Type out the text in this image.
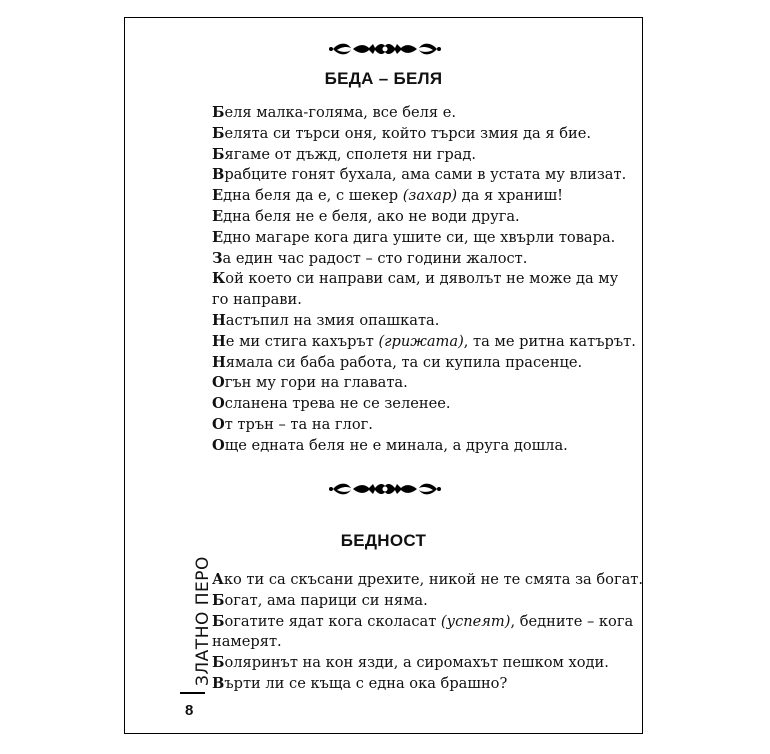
БЕДА – БЕЛЯ
Беля малка-голяма, все беля е.
Белята си търси оня, който търси змия да я бие.
Бягаме от дъжд, сполетя ни град.
Врабците гонят бухала, ама сами в устата му влизат.
Една беля да е, с шекер (захар) да я храниш!
Една беля не е беля, ако не води друга.
Едно магаре кога дига ушите си, ще хвърли товара.
За един час радост – сто години жалост.
Кой което си направи сам, и дяволът не може да му го направи.
Настъпил на змия опашката.
Не ми стига кахърът (грижата), та ме ритна катърът.
Нямала си баба работа, та си купила прасенце.
Огън му гори на главата.
Осланена трева не се зеленее.
От трън – та на глог.
Още едната беля не е минала, а друга дошла.
БЕДНОСТ
Ако ти са скъсани дрехите, никой не те смята за богат.
Богат, ама парици си няма.
Богатите ядат кога сколасат (успеят), бедните – кога намерят.
Боляринът на кон язди, а сиромахът пешком ходи.
Върти ли се къща с една ока брашно?
ЗЛАТНО ПЕРО
8
